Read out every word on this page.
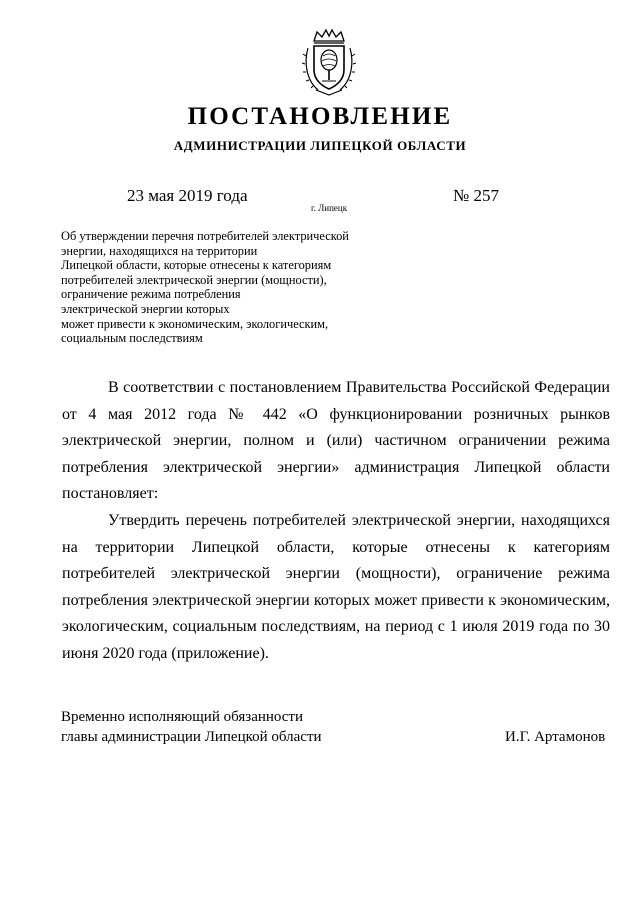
ПОСТАНОВЛЕНИЕ
АДМИНИСТРАЦИИ ЛИПЕЦКОЙ ОБЛАСТИ
23 мая 2019 года
г. Липецк
№ 257
Об утверждении перечня потребителей электрической
энергии, находящихся на территории
Липецкой области, которые отнесены к категориям
потребителей электрической энергии (мощности),
ограничение режима потребления
электрической энергии которых
может привести к экономическим, экологическим,
социальным последствиям

В соответствии с постановлением Правительства Российской Федерации от 4 мая 2012 года № 442 «О функционировании розничных рынков электрической энергии, полном и (или) частичном ограничении режима потребления электрической энергии» администрация Липецкой области постановляет:

Утвердить перечень потребителей электрической энергии, находящихся на территории Липецкой области, которые отнесены к категориям потребителей электрической энергии (мощности), ограничение режима потребления электрической энергии которых может привести к экономическим, экологическим, социальным последствиям, на период с 1 июля 2019 года по 30 июня 2020 года (приложение).

Временно исполняющий обязанности
главы администрации Липецкой области	И.Г. Артамонов
